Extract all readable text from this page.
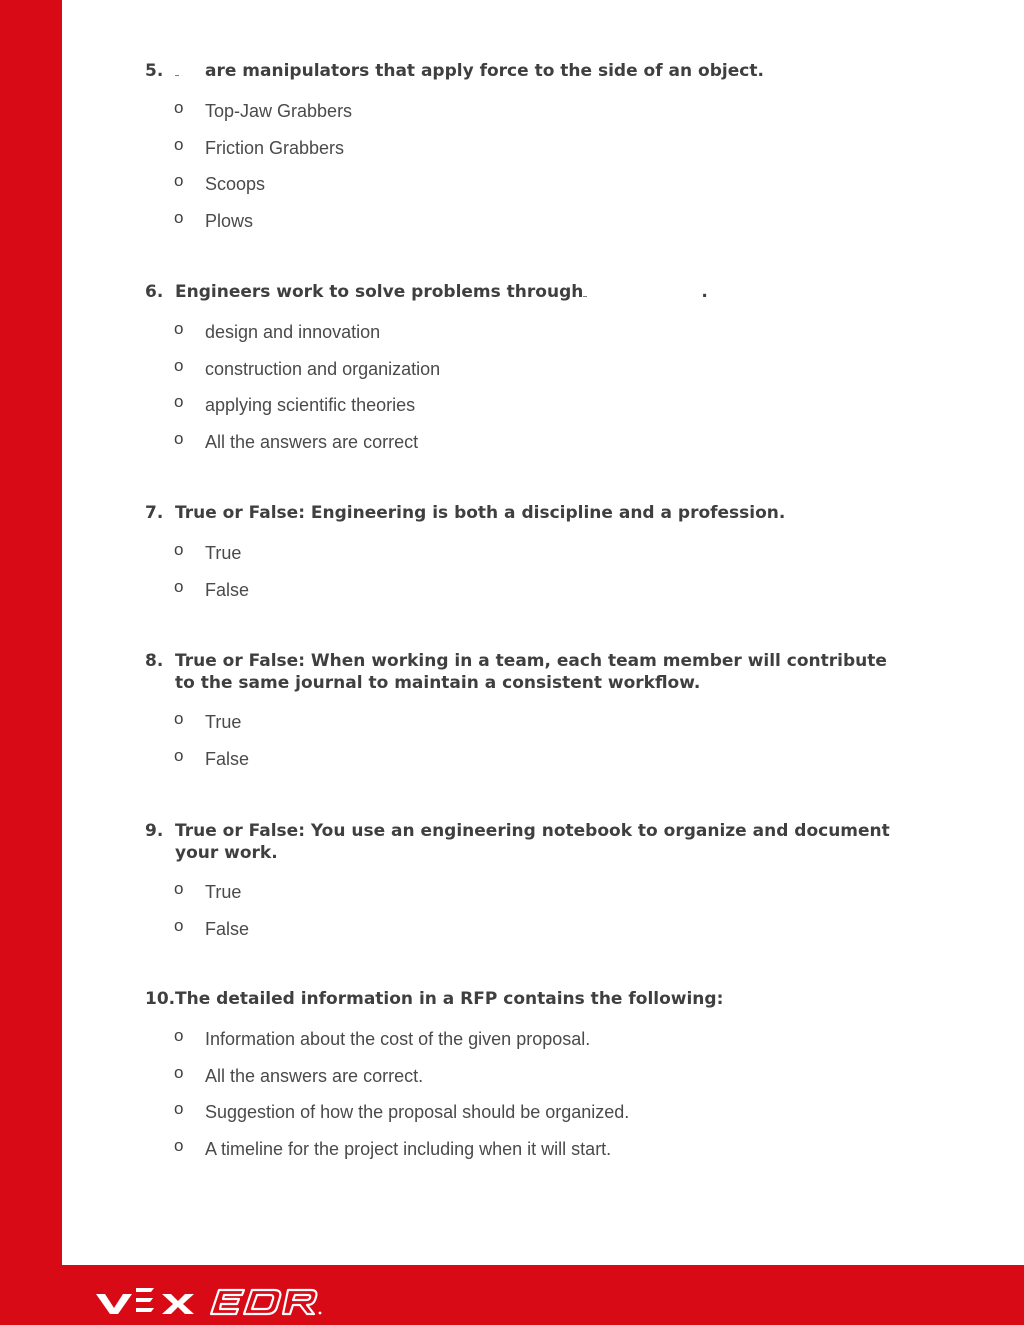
5.	are manipulators that apply force to the side of an object.
o Top-Jaw Grabbers
o Friction Grabbers
o Scoops
o Plows
6. Engineers work to solve problems through	.
o design and innovation
o construction and organization
o applying scientific theories
o All the answers are correct
7. True or False: Engineering is both a discipline and a profession.
o True
o False
8. True or False: When working in a team, each team member will contribute to the same journal to maintain a consistent workflow.
o True
o False
9. True or False: You use an engineering notebook to organize and document your work.
o True
o False
10. The detailed information in a RFP contains the following:
o Information about the cost of the given proposal.
o All the answers are correct.
o Suggestion of how the proposal should be organized.
o A timeline for the project including when it will start.
